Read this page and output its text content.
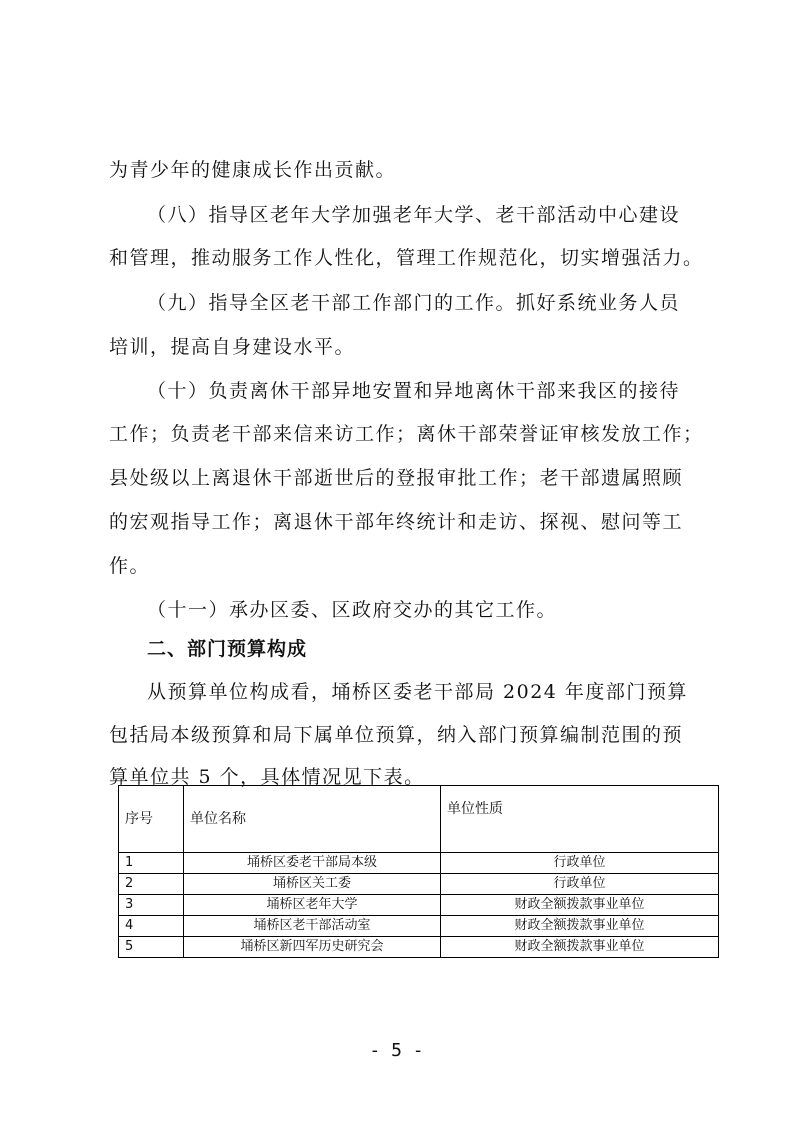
为青少年的健康成长作出贡献。
（八）指导区老年大学加强老年大学、老干部活动中心建设
和管理，推动服务工作人性化，管理工作规范化，切实增强活力。
（九）指导全区老干部工作部门的工作。抓好系统业务人员
培训，提高自身建设水平。
（十）负责离休干部异地安置和异地离休干部来我区的接待
工作；负责老干部来信来访工作；离休干部荣誉证审核发放工作；
县处级以上离退休干部逝世后的登报审批工作；老干部遗属照顾
的宏观指导工作；离退休干部年终统计和走访、探视、慰问等工
作。
（十一）承办区委、区政府交办的其它工作。
二、部门预算构成
从预算单位构成看，埇桥区委老干部局 2024 年度部门预算
包括局本级预算和局下属单位预算，纳入部门预算编制范围的预
算单位共 5 个，具体情况见下表。
序号	单位名称	单位性质
1	埇桥区委老干部局本级	行政单位
2	埇桥区关工委	行政单位
3	埇桥区老年大学	财政全额拨款事业单位
4	埇桥区老干部活动室	财政全额拨款事业单位
5	埇桥区新四军历史研究会	财政全额拨款事业单位
- 5 -
